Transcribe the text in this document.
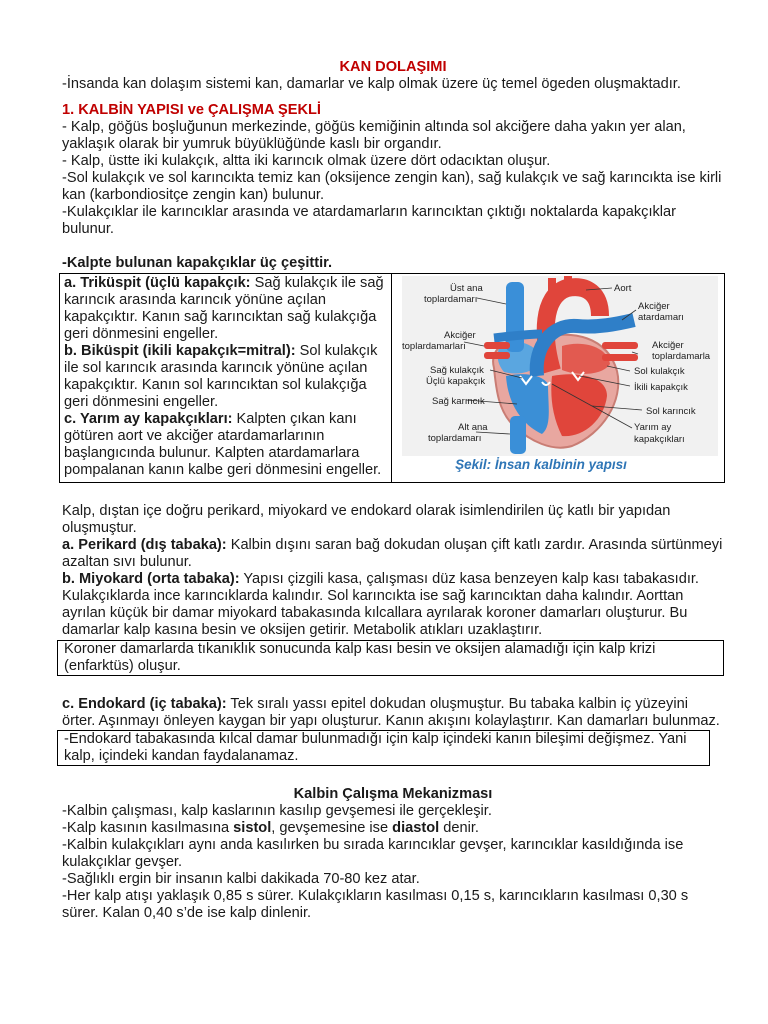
KAN DOLAŞIMI

-İnsanda kan dolaşım sistemi kan, damarlar ve kalp olmak üzere üç temel ögeden oluşmaktadır.

1. KALBİN YAPISI ve ÇALIŞMA ŞEKLİ

- Kalp, göğüs boşluğunun merkezinde, göğüs kemiğinin altında sol akciğere daha yakın yer alan, yaklaşık olarak bir yumruk büyüklüğünde kaslı bir organdır.

- Kalp, üstte iki kulakçık, altta iki karıncık olmak üzere dört odacıktan oluşur.

-Sol kulakçık ve sol karıncıkta temiz kan (oksijence zengin kan), sağ kulakçık ve sağ karıncıkta ise kirli kan (karbondiositçe zengin kan) bulunur.

-Kulakçıklar ile karıncıklar arasında ve atardamarların karıncıktan çıktığı noktalarda kapakçıklar bulunur.

-Kalpte bulunan kapakçıklar üç çeşittir.

a. Triküspit (üçlü kapakçık: Sağ kulakçık ile sağ karıncık arasında karıncık yönüne açılan kapakçıktır. Kanın sağ karıncıktan sağ kulakçığa geri dönmesini engeller.

b. Biküspit (ikili kapakçık=mitral): Sol kulakçık ile sol karıncık arasında karıncık yönüne açılan kapakçıktır. Kanın sol karıncıktan sol kulakçığa geri dönmesini engeller.

c. Yarım ay kapakçıkları: Kalpten çıkan kanı götüren aort ve akciğer atardamarlarının başlangıcında bulunur. Kalpten atardamarlara pompalanan kanın kalbe geri dönmesini engeller.

Üst ana
toplardamarı
Aort
Akciğer
atardamarı
Akciğer
toplardamarları	Akciğer
toplardamarla
Sağ kulakçık
Üçlü kapakçık
Sol kulakçık
İkili kapakçık
Sağ karıncık
Sol karıncık
Alt ana
toplardamarı
Yarım ay
kapakçıkları

Şekil: İnsan kalbinin yapısı

Kalp, dıştan içe doğru perikard, miyokard ve endokard olarak isimlendirilen üç katlı bir yapıdan oluşmuştur.

a. Perikard (dış tabaka): Kalbin dışını saran bağ dokudan oluşan çift katlı zardır. Arasında sürtünmeyi azaltan sıvı bulunur.

b. Miyokard (orta tabaka): Yapısı çizgili kasa, çalışması düz kasa benzeyen kalp kası tabakasıdır. Kulakçıklarda ince karıncıklarda kalındır. Sol karıncıkta ise sağ karıncıktan daha kalındır. Aorttan ayrılan küçük bir damar miyokard tabakasında kılcallara ayrılarak koroner damarları oluşturur. Bu damarlar kalp kasına besin ve oksijen getirir. Metabolik atıkları uzaklaştırır.

Koroner damarlarda tıkanıklık sonucunda kalp kası besin ve oksijen alamadığı için kalp krizi (enfarktüs) oluşur.

c. Endokard (iç tabaka): Tek sıralı yassı epitel dokudan oluşmuştur. Bu tabaka kalbin iç yüzeyini örter. Aşınmayı önleyen kaygan bir yapı oluşturur. Kanın akışını kolaylaştırır. Kan damarları bulunmaz.

-Endokard tabakasında kılcal damar bulunmadığı için kalp içindeki kanın bileşimi değişmez. Yani kalp, içindeki kandan faydalanamaz.

Kalbin Çalışma Mekanizması

-Kalbin çalışması, kalp kaslarının kasılıp gevşemesi ile gerçekleşir.

-Kalp kasının kasılmasına sistol, gevşemesine ise diastol denir.

-Kalbin kulakçıkları aynı anda kasılırken bu sırada karıncıklar gevşer, karıncıklar kasıldığında ise kulakçıklar gevşer.

-Sağlıklı ergin bir insanın kalbi dakikada 70-80 kez atar.

-Her kalp atışı yaklaşık 0,85 s sürer. Kulakçıkların kasılması 0,15 s, karıncıkların kasılması 0,30 s sürer. Kalan 0,40 s’de ise kalp dinlenir.
